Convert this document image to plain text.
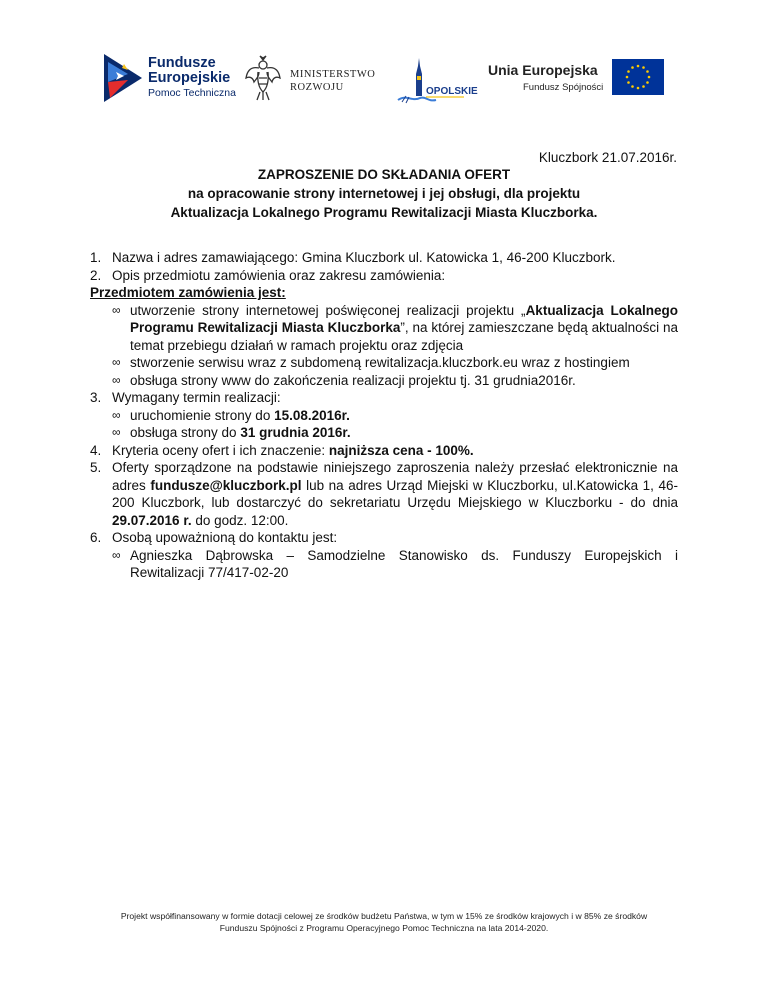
Fundusze
Europejskie
Pomoc Techniczna
MINISTERSTWO
ROZWOJU	OPOLSKIE
Unia Europejska
Fundusz Spójności
Kluczbork 21.07.2016r.
ZAPROSZENIE DO SKŁADANIA OFERT
na opracowanie strony internetowej i jej obsługi, dla projektu
Aktualizacja Lokalnego Programu Rewitalizacji Miasta Kluczborka.
1. Nazwa i adres zamawiającego: Gmina Kluczbork ul. Katowicka 1, 46-200 Kluczbork.
2. Opis przedmiotu zamówienia oraz zakresu zamówienia:
Przedmiotem zamówienia jest:
∞ utworzenie strony internetowej poświęconej realizacji projektu „Aktualizacja Lokalnego Programu Rewitalizacji Miasta Kluczborka”, na której zamieszczane będą aktualności na temat przebiegu działań w ramach projektu oraz zdjęcia
∞ stworzenie serwisu wraz z subdomeną rewitalizacja.kluczbork.eu wraz z hostingiem
∞ obsługa strony www do zakończenia realizacji projektu tj. 31 grudnia2016r.
3. Wymagany termin realizacji:
∞ uruchomienie strony do 15.08.2016r.
∞ obsługa strony do 31 grudnia 2016r.
4. Kryteria oceny ofert i ich znaczenie: najniższa cena - 100%.
5. Oferty sporządzone na podstawie niniejszego zaproszenia należy przesłać elektronicznie na adres fundusze@kluczbork.pl lub na adres Urząd Miejski w Kluczborku, ul.Katowicka 1, 46-200 Kluczbork, lub dostarczyć do sekretariatu Urzędu Miejskiego w Kluczborku - do dnia 29.07.2016 r. do godz. 12:00.
6. Osobą upoważnioną do kontaktu jest:
∞ Agnieszka Dąbrowska – Samodzielne Stanowisko ds. Funduszy Europejskich i Rewitalizacji 77/417-02-20
Projekt współfinansowany w formie dotacji celowej ze środków budżetu Państwa, w tym w 15% ze środków krajowych i w 85% ze środków
Funduszu Spójności z Programu Operacyjnego Pomoc Techniczna na lata 2014-2020.
